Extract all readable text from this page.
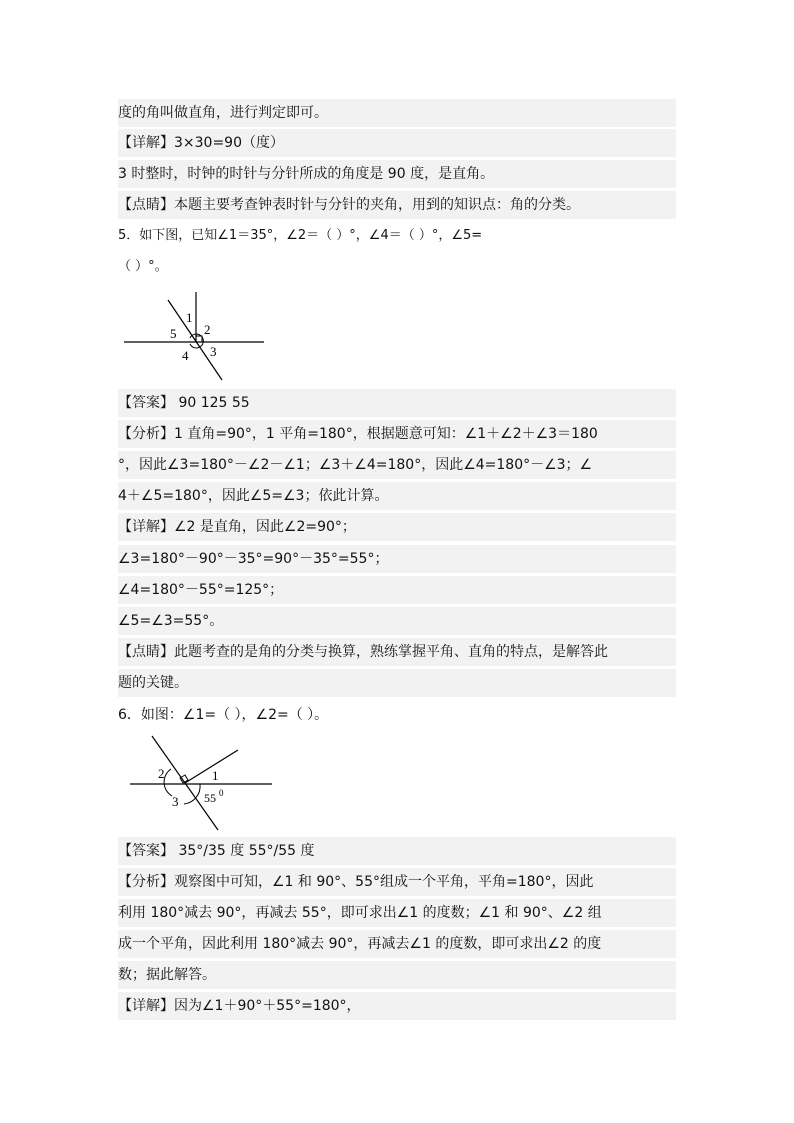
度的角叫做直角，进行判定即可。
【详解】3×30=90（度）
3 时整时，时钟的时针与分针所成的角度是 90 度，是直角。
【点睛】本题主要考查钟表时针与分针的夹角，用到的知识点：角的分类。
5．如下图，已知∠1＝35°，∠2＝（ ）°，∠4＝（ ）°，∠5=
（ ）°。
1
2
5
4 3
【答案】 90 125 55
【分析】1 直角=90°，1 平角=180°，根据题意可知：∠1＋∠2＋∠3＝180
°，因此∠3=180°－∠2－∠1；∠3＋∠4=180°，因此∠4=180°－∠3；∠
4＋∠5=180°，因此∠5=∠3；依此计算。
【详解】∠2 是直角，因此∠2=90°；
∠3=180°－90°－35°=90°－35°=55°；
∠4=180°－55°=125°；
∠5=∠3=55°。
【点睛】此题考查的是角的分类与换算，熟练掌握平角、直角的特点，是解答此
题的关键。
6．如图：∠1=（ ），∠2=（ ）。
2	1
3 55 0
【答案】 35°/35 度 55°/55 度
【分析】观察图中可知，∠1 和 90°、55°组成一个平角，平角=180°，因此
利用 180°减去 90°，再减去 55°，即可求出∠1 的度数；∠1 和 90°、∠2 组
成一个平角，因此利用 180°减去 90°，再减去∠1 的度数，即可求出∠2 的度
数；据此解答。
【详解】因为∠1＋90°＋55°=180°，
